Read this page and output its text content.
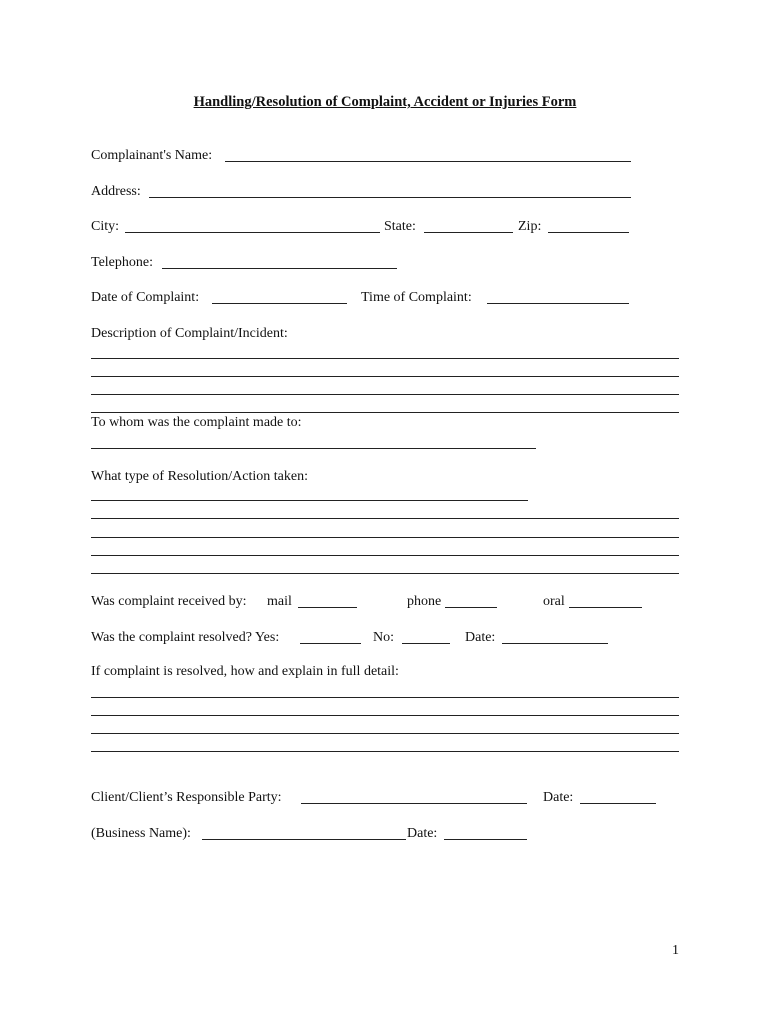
Handling/Resolution of Complaint, Accident or Injuries Form
Complainant's Name:
Address:
City:	State:	Zip:
Telephone:
Date of Complaint:	Time of Complaint:
Description of Complaint/Incident:
To whom was the complaint made to:
What type of Resolution/Action taken:
Was complaint received by: mail	phone	oral
Was the complaint resolved? Yes:	No:	Date:
If complaint is resolved, how and explain in full detail:
Client/Client’s Responsible Party:	Date:
(Business Name):	Date:
1
